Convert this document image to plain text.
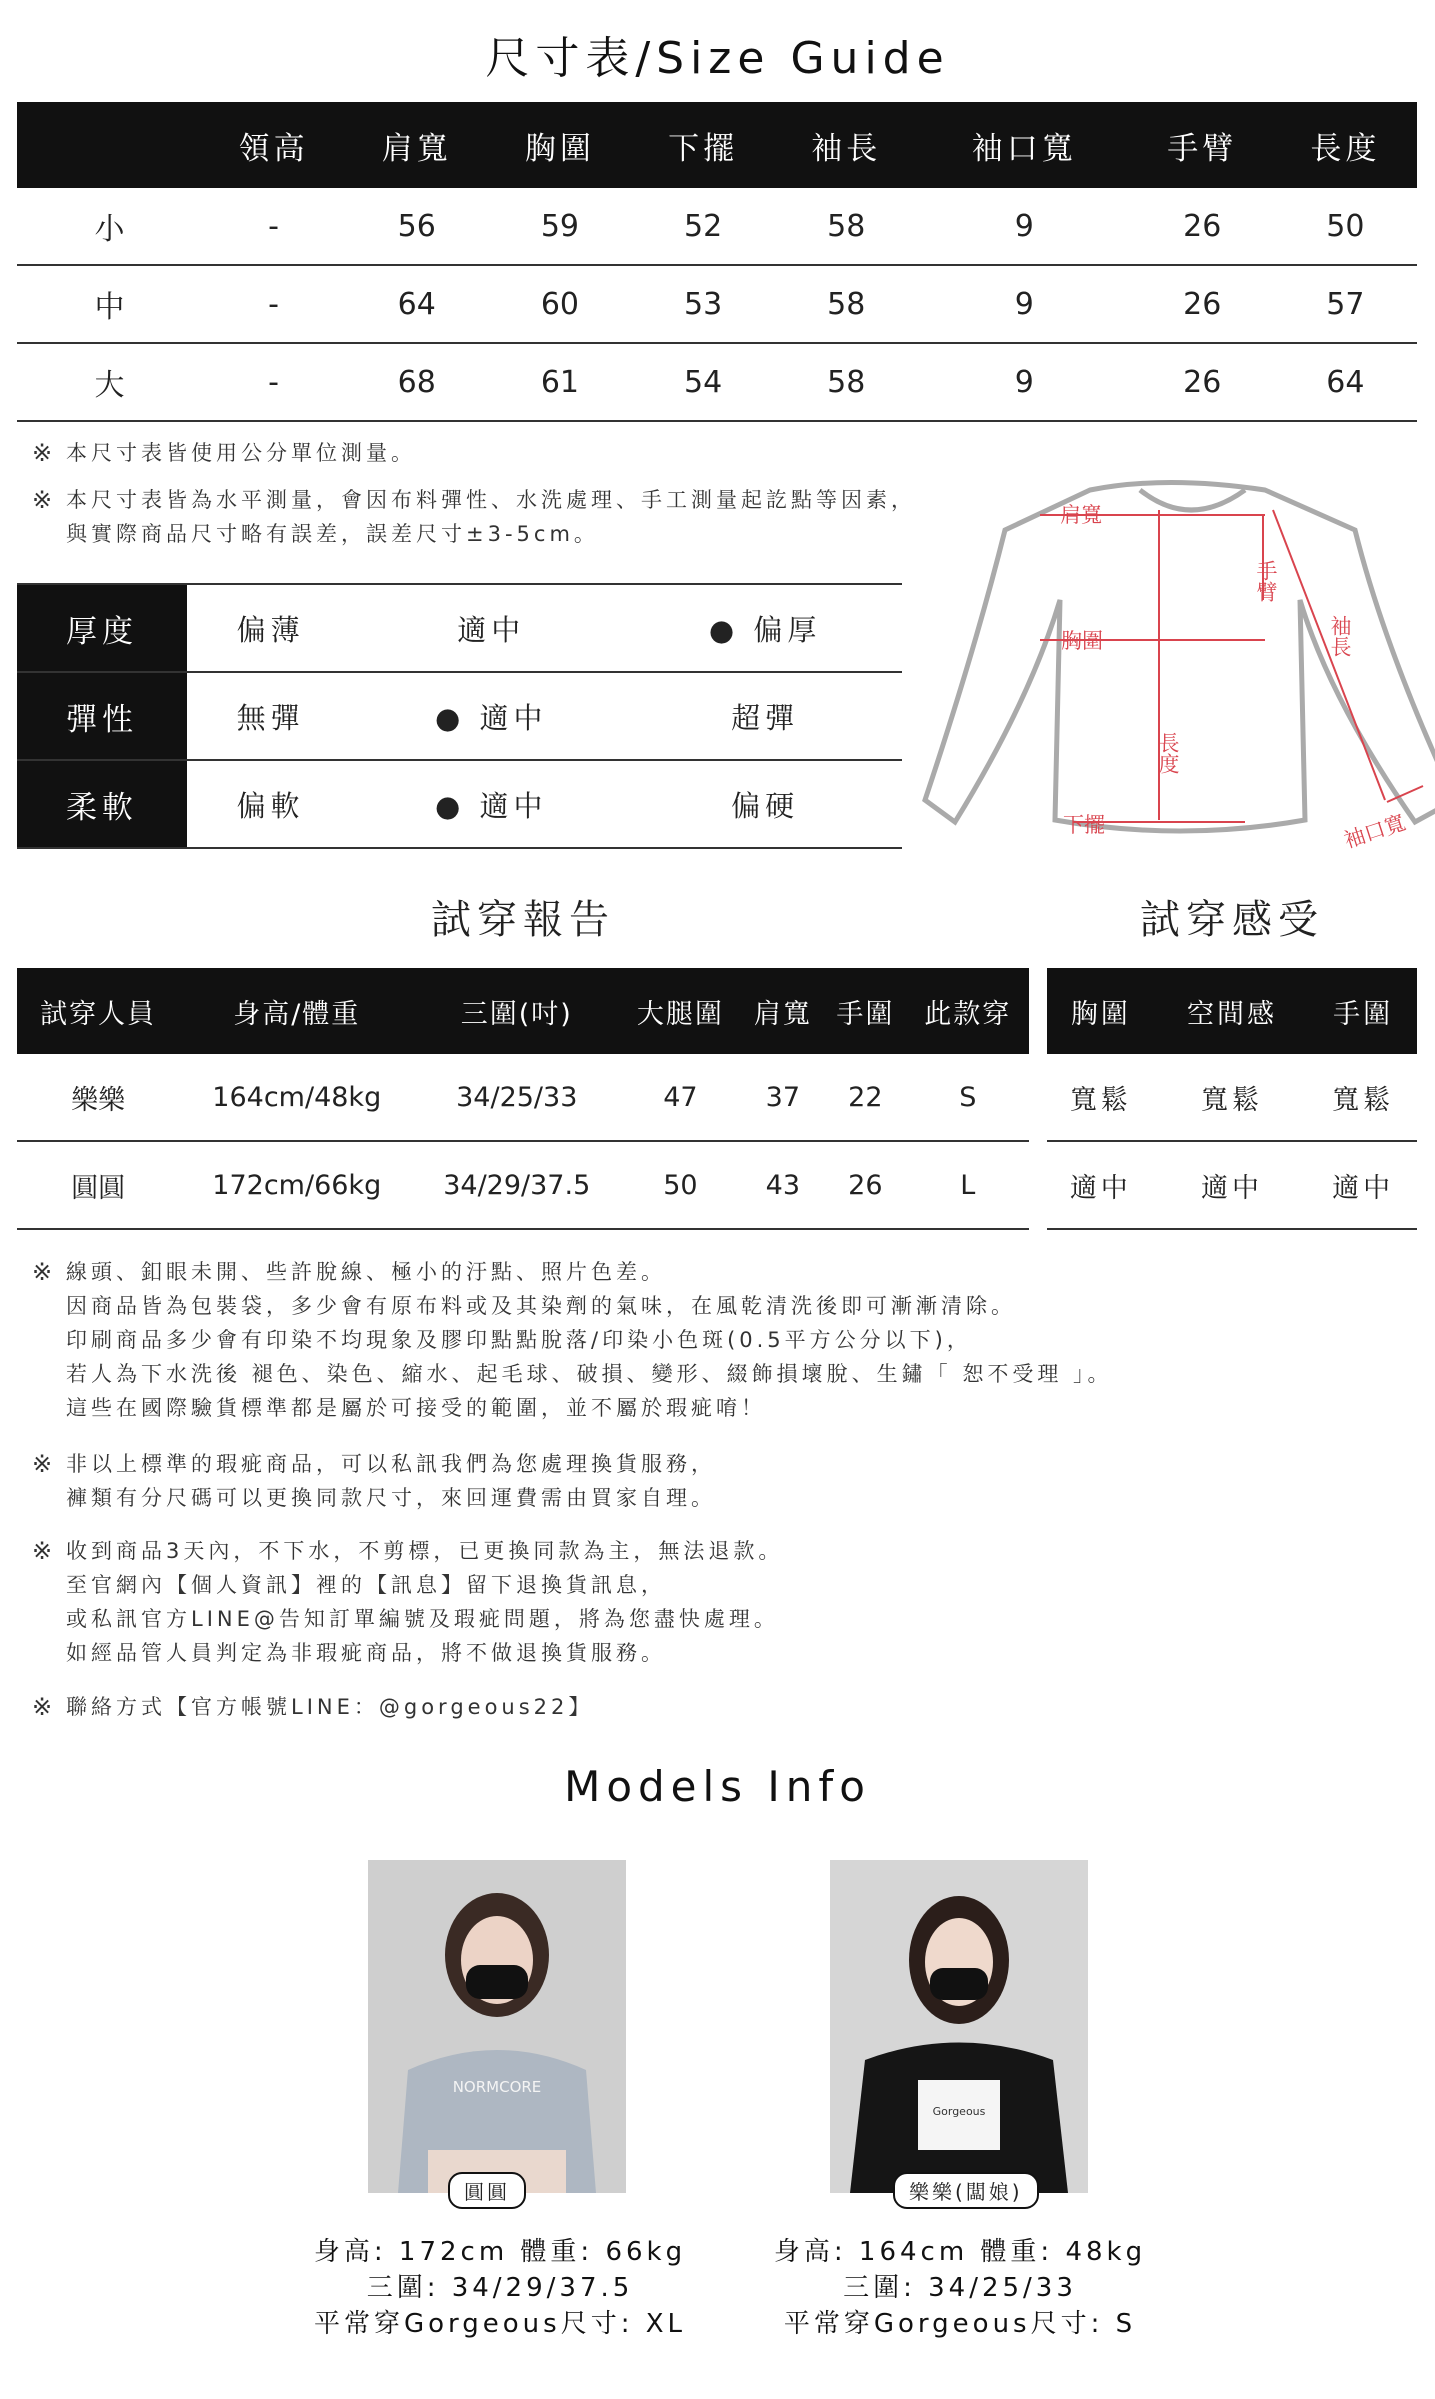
尺寸表/Size Guide
	領高	肩寬	胸圍	下擺	袖長	袖口寬	手臂	長度
小	-	56	59	52	58	9	26	50
中	-	64	60	53	58	9	26	57
大	-	68	61	54	58	9	26	64
※ 本尺寸表皆使用公分單位測量。
※ 本尺寸表皆為水平測量，會因布料彈性、水洗處理、手工測量起訖點等因素，
與實際商品尺寸略有誤差，誤差尺寸±3-5cm。
厚度	偏薄	適中	● 偏厚
彈性	無彈	● 適中	超彈
柔軟	偏軟	● 適中	偏硬
肩寬
胸圍
下擺
長度
手臂
袖長
袖口寬
試穿報告	試穿感受
試穿人員	身高/體重	三圍(吋)	大腿圍	肩寬	手圍	此款穿
樂樂	164cm/48kg	34/25/33	47	37	22	S
圓圓	172cm/66kg	34/29/37.5	50	43	26	L
胸圍	空間感	手圍
寬鬆	寬鬆	寬鬆
適中	適中	適中
※ 線頭、釦眼未開、些許脫線、極小的汙點、照片色差。
因商品皆為包裝袋，多少會有原布料或及其染劑的氣味，在風乾清洗後即可漸漸清除。
印刷商品多少會有印染不均現象及膠印點點脫落/印染小色斑(0.5平方公分以下)，
若人為下水洗後 褪色、染色、縮水、起毛球、破損、變形、綴飾損壞脫、生鏽「 恕不受理 」。
這些在國際驗貨標準都是屬於可接受的範圍，並不屬於瑕疵唷！
※ 非以上標準的瑕疵商品，可以私訊我們為您處理換貨服務，
褲類有分尺碼可以更換同款尺寸，來回運費需由買家自理。
※ 收到商品3天內，不下水，不剪標，已更換同款為主，無法退款。
至官網內【個人資訊】裡的【訊息】留下退換貨訊息，
或私訊官方LINE@告知訂單編號及瑕疵問題，將為您盡快處理。
如經品管人員判定為非瑕疵商品，將不做退換貨服務。
※ 聯絡方式【官方帳號LINE：@gorgeous22】
Models Info
NORMCORE
圓圓
Gorgeous
樂樂(闆娘)
身高: 172cm 體重: 66kg
三圍: 34/29/37.5
平常穿Gorgeous尺寸: XL
身高: 164cm 體重: 48kg
三圍: 34/25/33
平常穿Gorgeous尺寸: S
